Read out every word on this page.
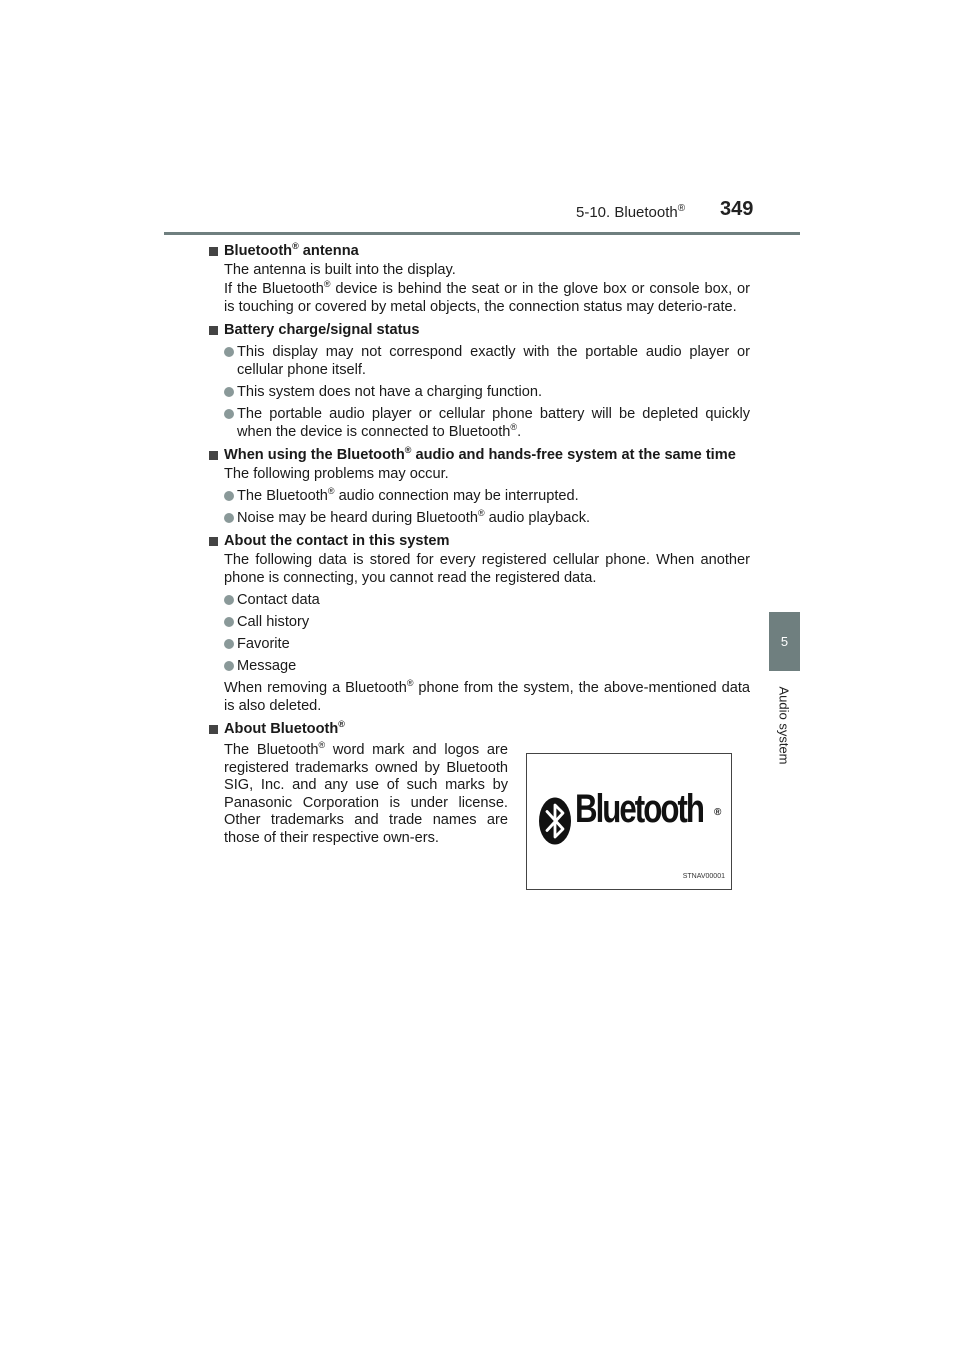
5-10. Bluetooth® 349
5
Audio system
Bluetooth® antenna
The antenna is built into the display.
If the Bluetooth® device is behind the seat or in the glove box or console box, or is touching or covered by metal objects, the connection status may deterio-rate.
Battery charge/signal status
This display may not correspond exactly with the portable audio player or cellular phone itself.
This system does not have a charging function.
The portable audio player or cellular phone battery will be depleted quickly when the device is connected to Bluetooth®.
When using the Bluetooth® audio and hands-free system at the same time
The following problems may occur.
The Bluetooth® audio connection may be interrupted.
Noise may be heard during Bluetooth® audio playback.
About the contact in this system
The following data is stored for every registered cellular phone. When another phone is connecting, you cannot read the registered data.
Contact data
Call history
Favorite
Message
When removing a Bluetooth® phone from the system, the above-mentioned data is also deleted.
About Bluetooth®
The Bluetooth® word mark and logos are registered trademarks owned by Bluetooth SIG, Inc. and any use of such marks by Panasonic Corporation is under license. Other trademarks and trade names are those of their respective own-ers.
Bluetooth ®
STNAV00001
